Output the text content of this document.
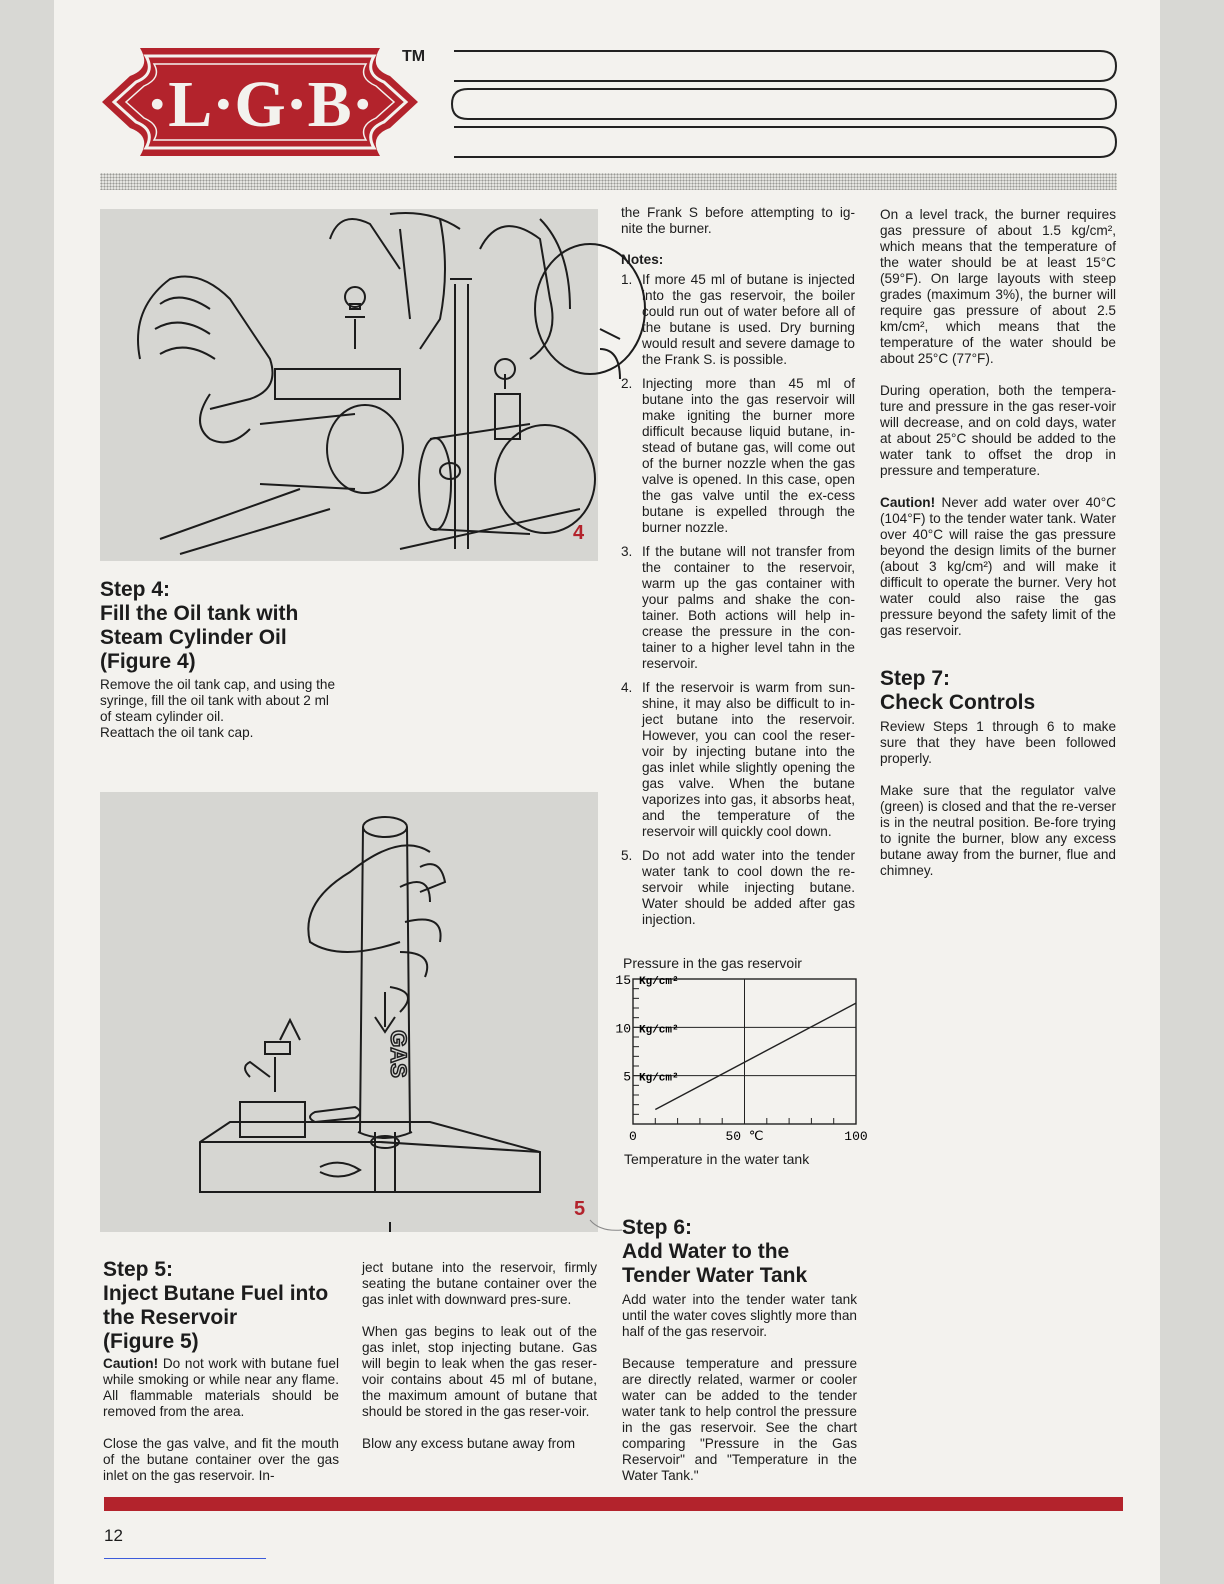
·L·G·B·
TM
4
Step 4:
Fill the Oil tank with
Steam Cylinder Oil
(Figure 4)

Remove the oil tank cap, and using the syringe, fill the oil tank with about 2 ml of steam cylinder oil.
Reattach the oil tank cap.

GAS
5
Step 5:
Inject Butane Fuel into
the Reservoir
(Figure 5)

Caution! Do not work with butane fuel while smoking or while near any flame. All flammable materials should be removed from the area.

Close the gas valve, and fit the mouth of the butane container over the gas inlet on the gas reservoir. In-

ject butane into the reservoir, firmly seating the butane container over the gas inlet with downward pres-sure.

When gas begins to leak out of the gas inlet, stop injecting butane. Gas will begin to leak when the gas reser-voir contains about 45 ml of butane, the maximum amount of butane that should be stored in the gas reser-voir.

Blow any excess butane away from

the Frank S before attempting to ig-nite the burner.

Notes:

1. If more 45 ml of butane is injected into the gas reservoir, the boiler could run out of water before all of the butane is used. Dry burning would result and severe damage to the Frank S. is possible.
2. Injecting more than 45 ml of butane into the gas reservoir will make igniting the burner more difficult because liquid butane, in-stead of butane gas, will come out of the burner nozzle when the gas valve is opened. In this case, open the gas valve until the ex-cess butane is expelled through the burner nozzle.
3. If the butane will not transfer from the container to the reservoir, warm up the gas container with your palms and shake the con-tainer. Both actions will help in-crease the pressure in the con-tainer to a higher level tahn in the reservoir.
4. If the reservoir is warm from sun-shine, it may also be difficult to in-ject butane into the reservoir. However, you can cool the reser-voir by injecting butane into the gas inlet while slightly opening the gas valve. When the butane vaporizes into gas, it absorbs heat, and the temperature of the reservoir will quickly cool down.
5. Do not add water into the tender water tank to cool down the re-servoir while injecting butane. Water should be added after gas injection.
Pressure in the gas reservoir
15 Kg/cm²
10 Kg/cm²
5 Kg/cm²
0	50 ℃	100
Temperature in the water tank
Step 6:
Add Water to the
Tender Water Tank

Add water into the tender water tank until the water coves slightly more than half of the gas reservoir.

Because temperature and pressure are directly related, warmer or cooler water can be added to the tender water tank to help control the pressure in the gas reservoir. See the chart comparing "Pressure in the Gas Reservoir" and "Temperature in the Water Tank."

On a level track, the burner requires gas pressure of about 1.5 kg/cm², which means that the temperature of the water should be at least 15°C (59°F). On large layouts with steep grades (maximum 3%), the burner will require gas pressure of about 2.5 km/cm², which means that the temperature of the water should be about 25°C (77°F).

During operation, both the tempera-ture and pressure in the gas reser-voir will decrease, and on cold days, water at about 25°C should be added to the water tank to offset the drop in pressure and temperature.

Caution! Never add water over 40°C (104°F) to the tender water tank. Water over 40°C will raise the gas pressure beyond the design limits of the burner (about 3 kg/cm²) and will make it difficult to operate the burner. Very hot water could also raise the gas pressure beyond the safety limit of the gas reservoir.

Step 7:
Check Controls

Review Steps 1 through 6 to make sure that they have been followed properly.

Make sure that the regulator valve (green) is closed and that the re-verser is in the neutral position. Be-fore trying to ignite the burner, blow any excess butane away from the burner, flue and chimney.

12
